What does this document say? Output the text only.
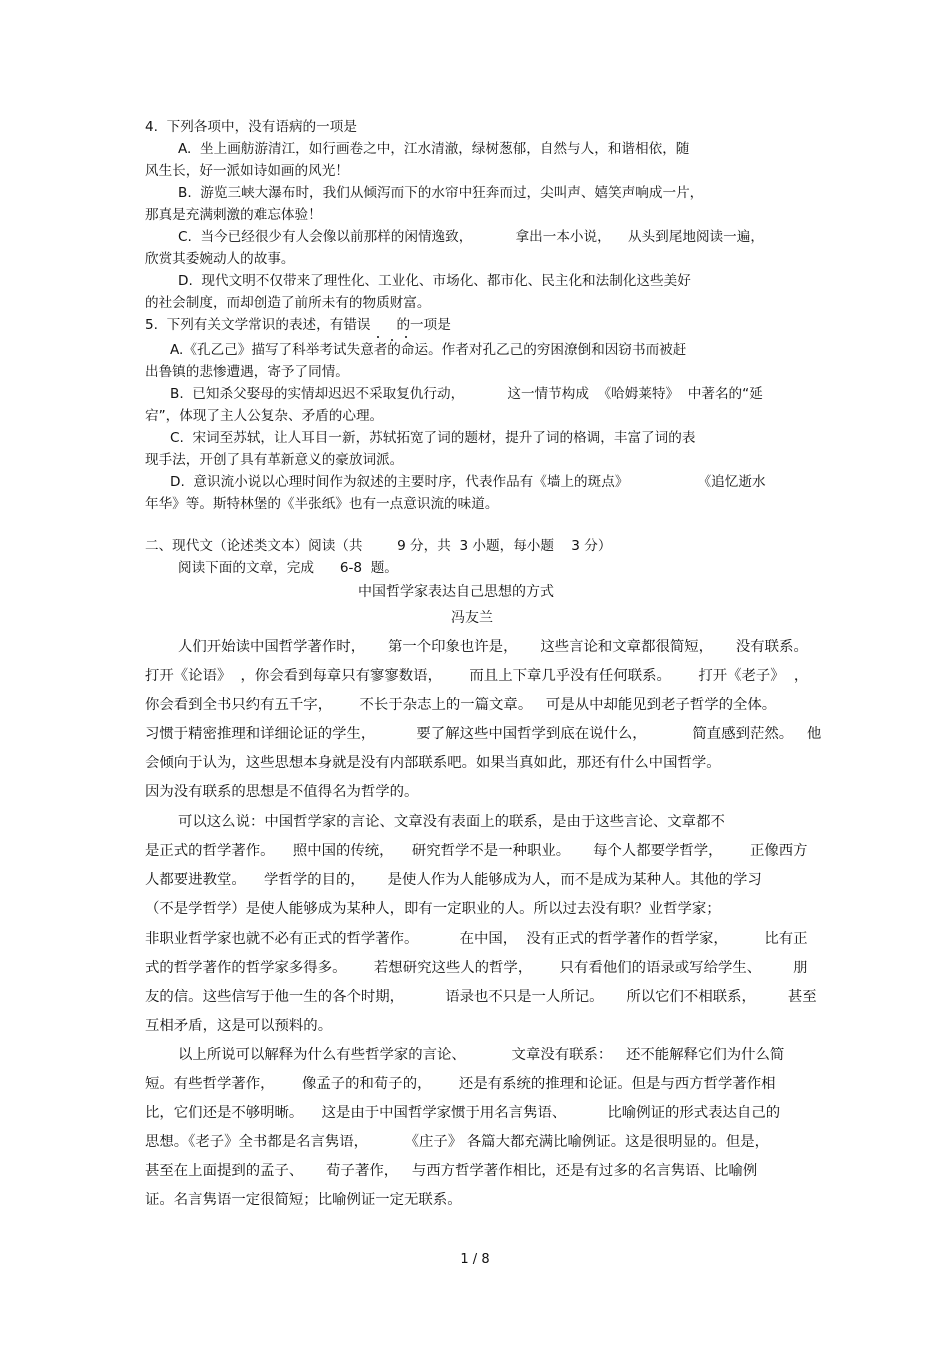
4.  下列各项中，没有语病的一项是
A.  坐上画舫游清江，如行画卷之中，江水清澈，绿树葱郁，自然与人，和谐相依，随
风生长，好一派如诗如画的风光！
B.  游览三峡大瀑布时，我们从倾泻而下的水帘中狂奔而过，尖叫声、嬉笑声响成一片，
那真是充满刺激的难忘体验！
C.  当今已经很少有人会像以前那样的闲情逸致，          拿出一本小说，    从头到尾地阅读一遍，
欣赏其委婉动人的故事。
D.  现代文明不仅带来了理性化、工业化、市场化、都市化、民主化和法制化这些美好
的社会制度，而却创造了前所未有的物质财富。
5.  下列有关文学常识的表述，有错误      的一项是
A.《孔乙己》描写了科举考试失意者的命运。作者对孔乙己的穷困潦倒和因窃书而被赶
出鲁镇的悲惨遭遇，寄予了同情。
B.  已知杀父娶母的实情却迟迟不采取复仇行动，          这一情节构成  《哈姆莱特》  中著名的“延
宕”，体现了主人公复杂、矛盾的心理。
C.  宋词至苏轼，让人耳目一新，苏轼拓宽了词的题材，提升了词的格调，丰富了词的表
现手法，开创了具有革新意义的豪放词派。
D.  意识流小说以心理时间作为叙述的主要时序，代表作品有《墙上的斑点》                《追忆逝水
年华》等。斯特林堡的《半张纸》也有一点意识流的味道。
二、现代文（论述类文本）阅读（共        9 分，共  3 小题，每小题    3 分）
阅读下面的文章，完成      6-8  题。
中国哲学家表达自己思想的方式
冯友兰
人们开始读中国哲学著作时，     第一个印象也许是，     这些言论和文章都很简短，     没有联系。
打开《论语》  ，你会看到每章只有寥寥数语，      而且上下章几乎没有任何联系。      打开《老子》  ，
你会看到全书只约有五千字，      不长于杂志上的一篇文章。   可是从中却能见到老子哲学的全体。
习惯于精密推理和详细论证的学生，         要了解这些中国哲学到底在说什么，          简直感到茫然。   他
会倾向于认为，这些思想本身就是没有内部联系吧。如果当真如此，那还有什么中国哲学。
因为没有联系的思想是不值得名为哲学的。
可以这么说：中国哲学家的言论、文章没有表面上的联系，是由于这些言论、文章都不
是正式的哲学著作。    照中国的传统，    研究哲学不是一种职业。     每个人都要学哲学，      正像西方
人都要进教堂。    学哲学的目的，     是使人作为人能够成为人，而不是成为某种人。其他的学习
（不是学哲学）是使人能够成为某种人，即有一定职业的人。所以过去没有职？业哲学家；
非职业哲学家也就不必有正式的哲学著作。         在中国，  没有正式的哲学著作的哲学家，        比有正
式的哲学著作的哲学家多得多。      若想研究这些人的哲学，      只有看他们的语录或写给学生、       朋
友的信。这些信写于他一生的各个时期，         语录也不只是一人所记。     所以它们不相联系，       甚至
互相矛盾，这是可以预料的。
以上所说可以解释为什么有些哲学家的言论、          文章没有联系：   还不能解释它们为什么简
短。有些哲学著作，      像孟子的和荀子的，      还是有系统的推理和论证。但是与西方哲学著作相
比，它们还是不够明晰。    这是由于中国哲学家惯于用名言隽语、         比喻例证的形式表达自己的
思想。《老子》全书都是名言隽语，        《庄子》 各篇大都充满比喻例证。这是很明显的。但是，
甚至在上面提到的孟子、     荀子著作，   与西方哲学著作相比，还是有过多的名言隽语、比喻例
证。名言隽语一定很简短；比喻例证一定无联系。
1 / 8
